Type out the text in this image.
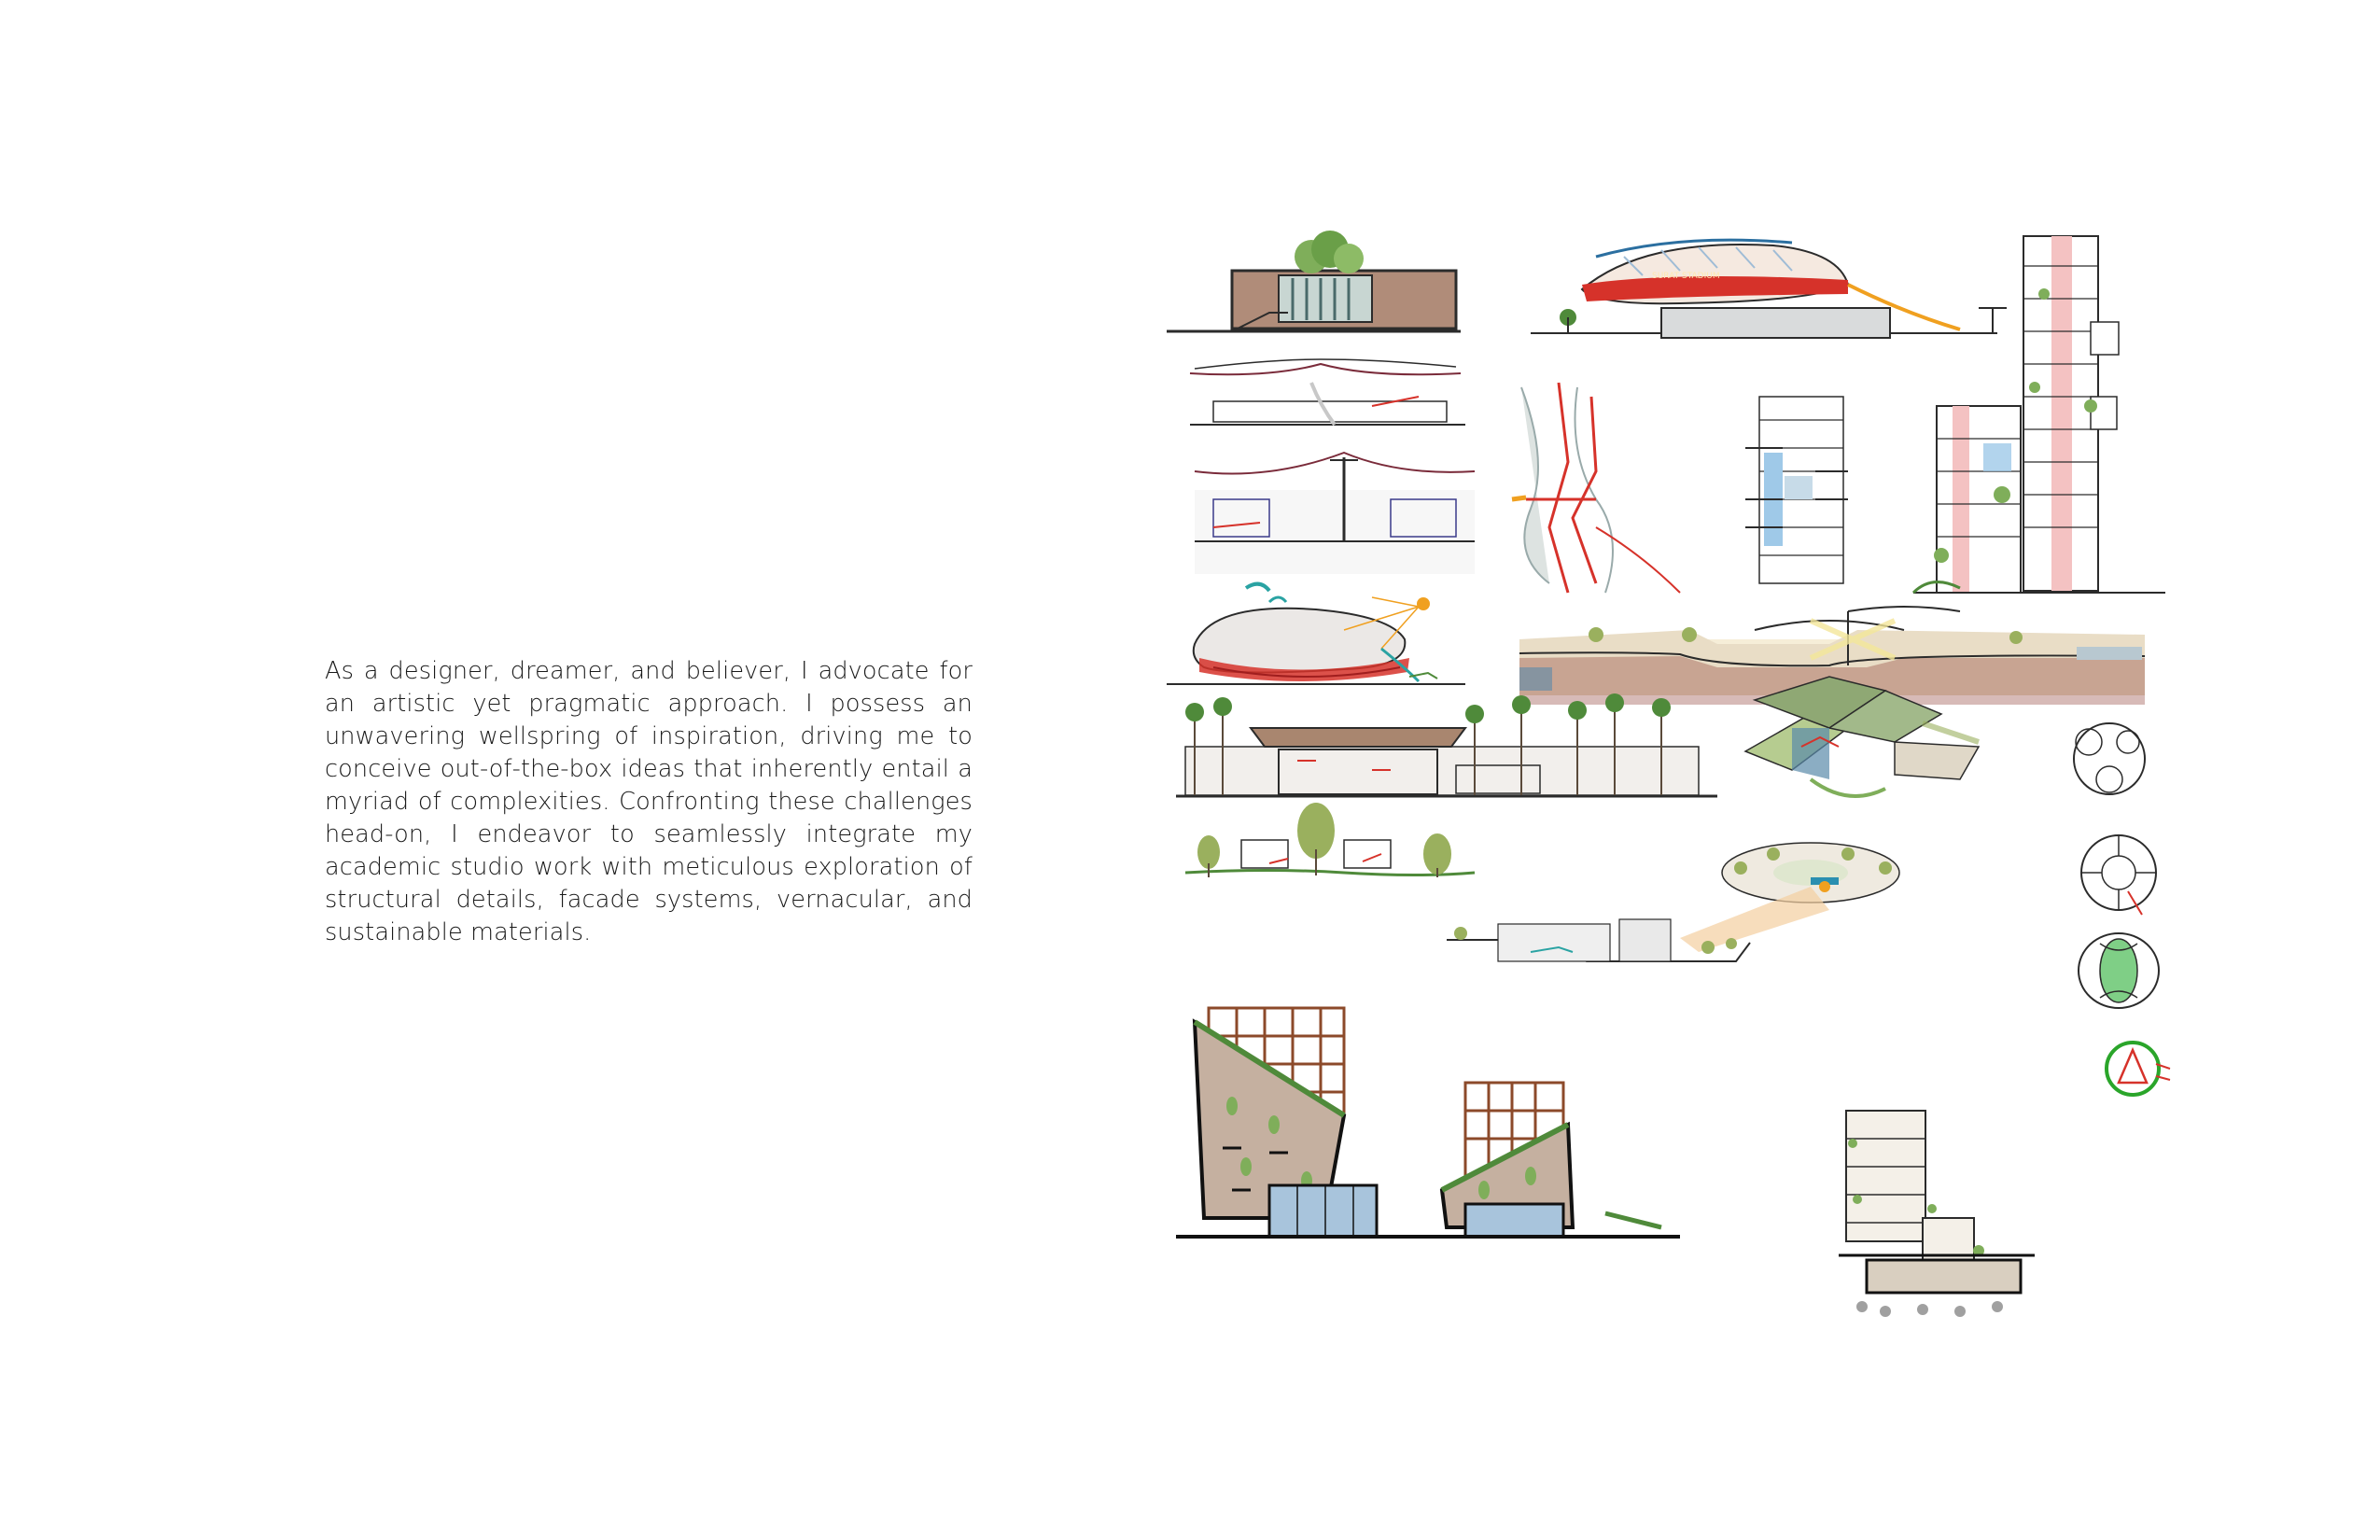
As a designer, dreamer, and believer, I advocate for an artistic yet pragmatic approach. I possess an unwavering wellspring of inspiration, driving me to conceive out-of-the-box ideas that inherently entail a myriad of complexities. Confronting these challenges head-on, I endeavor to seamlessly integrate my academic studio work with meticulous exploration of structural details, facade systems, vernacular, and sustainable materials.

SURAT STADIUM
